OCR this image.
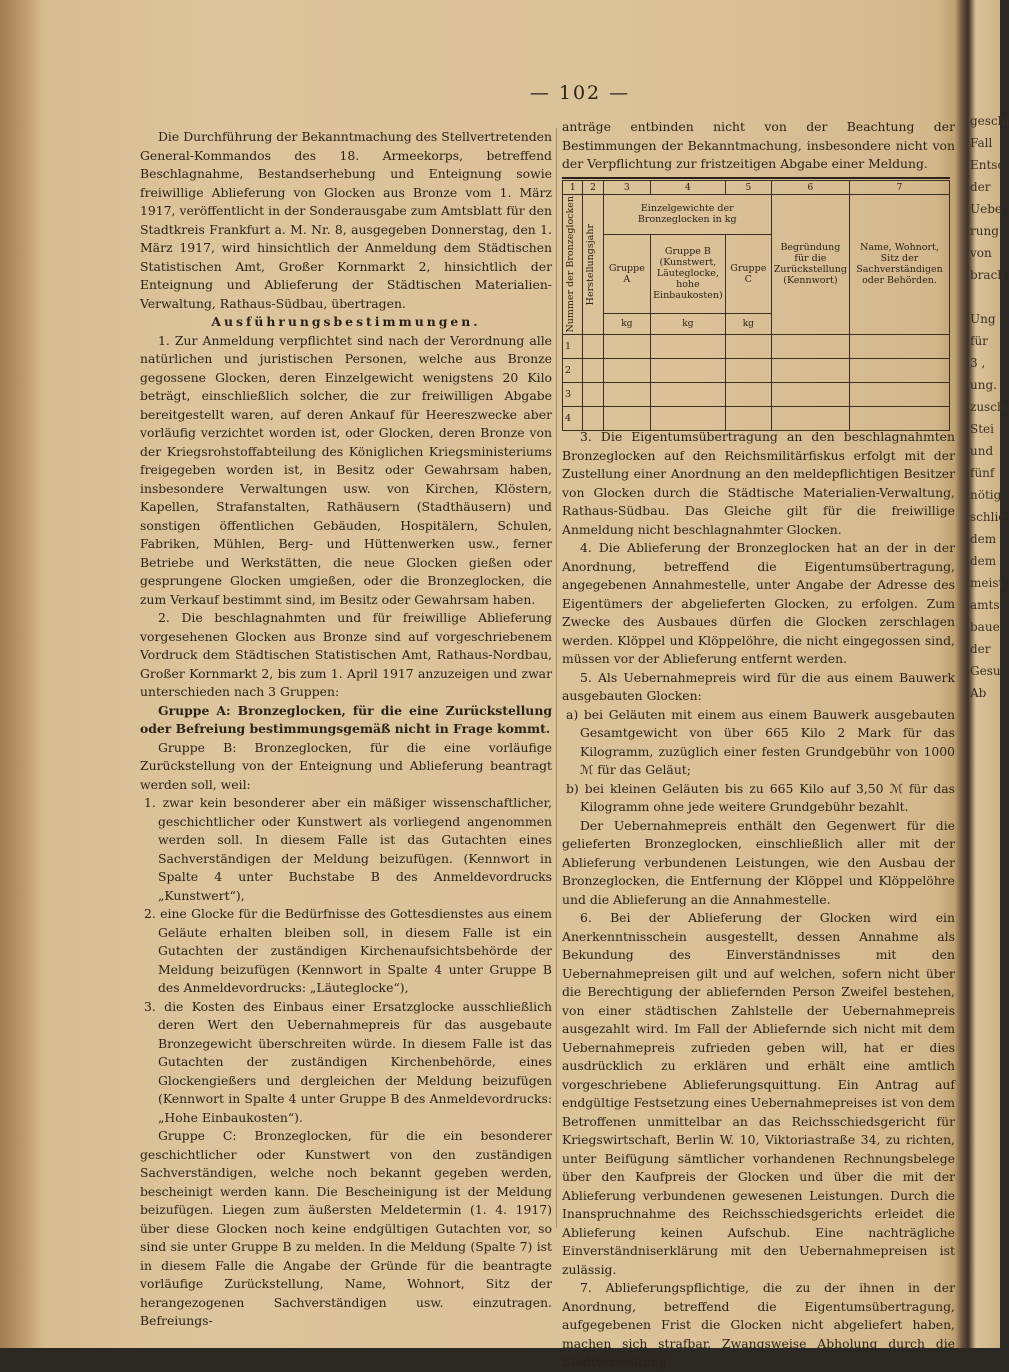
— 102 —

Die Durchführung der Bekanntmachung des Stellvertretenden General-Kommandos des 18. Armeekorps, betreffend Beschlagnahme, Bestandserhebung und Enteignung sowie freiwillige Ablieferung von Glocken aus Bronze vom 1. März 1917, veröffentlicht in der Sonderausgabe zum Amtsblatt für den Stadtkreis Frankfurt a. M. Nr. 8, ausgegeben Donnerstag, den 1. März 1917, wird hinsichtlich der Anmeldung dem Städtischen Statistischen Amt, Großer Kornmarkt 2, hinsichtlich der Enteignung und Ablieferung der Städtischen Materialien-Verwaltung, Rathaus-Südbau, übertragen.

Ausführungsbestimmungen.

1. Zur Anmeldung verpflichtet sind nach der Verordnung alle natürlichen und juristischen Personen, welche aus Bronze gegossene Glocken, deren Einzelgewicht wenigstens 20 Kilo beträgt, einschließlich solcher, die zur freiwilligen Abgabe bereitgestellt waren, auf deren Ankauf für Heereszwecke aber vorläufig verzichtet worden ist, oder Glocken, deren Bronze von der Kriegsrohstoffabteilung des Königlichen Kriegsministeriums freigegeben worden ist, in Besitz oder Gewahrsam haben, insbesondere Verwaltungen usw. von Kirchen, Klöstern, Kapellen, Strafanstalten, Rathäusern (Stadthäusern) und sonstigen öffentlichen Gebäuden, Hospitälern, Schulen, Fabriken, Mühlen, Berg- und Hüttenwerken usw., ferner Betriebe und Werkstätten, die neue Glocken gießen oder gesprungene Glocken umgießen, oder die Bronzeglocken, die zum Verkauf bestimmt sind, im Besitz oder Gewahrsam haben.

2. Die beschlagnahmten und für freiwillige Ablieferung vorgesehenen Glocken aus Bronze sind auf vorgeschriebenem Vordruck dem Städtischen Statistischen Amt, Rathaus-Nordbau, Großer Kornmarkt 2, bis zum 1. April 1917 anzuzeigen und zwar unterschieden nach 3 Gruppen:

Gruppe A: Bronzeglocken, für die eine Zurückstellung oder Befreiung bestimmungsgemäß nicht in Frage kommt.

Gruppe B: Bronzeglocken, für die eine vorläufige Zurückstellung von der Enteignung und Ablieferung beantragt werden soll, weil:

1. zwar kein besonderer aber ein mäßiger wissenschaftlicher, geschichtlicher oder Kunstwert als vorliegend angenommen werden soll. In diesem Falle ist das Gutachten eines Sachverständigen der Meldung beizufügen. (Kennwort in Spalte 4 unter Buchstabe B des Anmeldevordrucks „Kunstwert“),

2. eine Glocke für die Bedürfnisse des Gottesdienstes aus einem Geläute erhalten bleiben soll, in diesem Falle ist ein Gutachten der zuständigen Kirchenaufsichtsbehörde der Meldung beizufügen (Kennwort in Spalte 4 unter Gruppe B des Anmeldevordrucks: „Läuteglocke“),

3. die Kosten des Einbaus einer Ersatzglocke ausschließlich deren Wert den Uebernahmepreis für das ausgebaute Bronzegewicht überschreiten würde. In diesem Falle ist das Gutachten der zuständigen Kirchenbehörde, eines Glockengießers und dergleichen der Meldung beizufügen (Kennwort in Spalte 4 unter Gruppe B des Anmeldevordrucks: „Hohe Einbaukosten“).

Gruppe C: Bronzeglocken, für die ein besonderer geschichtlicher oder Kunstwert von den zuständigen Sachverständigen, welche noch bekannt gegeben werden, bescheinigt werden kann. Die Bescheinigung ist der Meldung beizufügen. Liegen zum äußersten Meldetermin (1. 4. 1917) über diese Glocken noch keine endgültigen Gutachten vor, so sind sie unter Gruppe B zu melden. In die Meldung (Spalte 7) ist in diesem Falle die Angabe der Gründe für die beantragte vorläufige Zurückstellung, Name, Wohnort, Sitz der herangezogenen Sachverständigen usw. einzutragen. Befreiungs-

anträge entbinden nicht von der Beachtung der Bestimmungen der Bekanntmachung, insbesondere nicht von der Verpflichtung zur fristzeitigen Abgabe einer Meldung.

1	2	3	4	5	6	7

Nummer der Bronzeglocken	Herstellungsjahr	Einzelgewichte der Bronzeglocken in kg			Begründung für die Zurückstellung (Kennwort)	Name, Wohnort, Sitz der Sachverständigen oder Behörden.
		Gruppe A	Gruppe B (Kunstwert, Läuteglocke, hohe Einbaukosten)	Gruppe C		
		kg	kg	kg		
1						
2						
3						
4						

3. Die Eigentumsübertragung an den beschlagnahmten Bronzeglocken auf den Reichsmilitärfiskus erfolgt mit der Zustellung einer Anordnung an den meldepflichtigen Besitzer von Glocken durch die Städtische Materialien-Verwaltung, Rathaus-Südbau. Das Gleiche gilt für die freiwillige Anmeldung nicht beschlagnahmter Glocken.

4. Die Ablieferung der Bronzeglocken hat an der in der Anordnung, betreffend die Eigentumsübertragung, angegebenen Annahmestelle, unter Angabe der Adresse des Eigentümers der abgelieferten Glocken, zu erfolgen. Zum Zwecke des Ausbaues dürfen die Glocken zerschlagen werden. Klöppel und Klöppelöhre, die nicht eingegossen sind, müssen vor der Ablieferung entfernt werden.

5. Als Uebernahmepreis wird für die aus einem Bauwerk ausgebauten Glocken:

a) bei Geläuten mit einem aus einem Bauwerk ausgebauten Gesamtgewicht von über 665 Kilo 2 Mark für das Kilogramm, zuzüglich einer festen Grundgebühr von 1000 ℳ für das Geläut;

b) bei kleinen Geläuten bis zu 665 Kilo auf 3,50 ℳ für das Kilogramm ohne jede weitere Grundgebühr bezahlt.

Der Uebernahmepreis enthält den Gegenwert für die gelieferten Bronzeglocken, einschließlich aller mit der Ablieferung verbundenen Leistungen, wie den Ausbau der Bronzeglocken, die Entfernung der Klöppel und Klöppelöhre und die Ablieferung an die Annahmestelle.

6. Bei der Ablieferung der Glocken wird ein Anerkenntnisschein ausgestellt, dessen Annahme als Bekundung des Einverständnisses mit den Uebernahmepreisen gilt und auf welchen, sofern nicht über die Berechtigung der abliefernden Person Zweifel bestehen, von einer städtischen Zahlstelle der Uebernahmepreis ausgezahlt wird. Im Fall der Abliefernde sich nicht mit dem Uebernahmepreis zufrieden geben will, hat er dies ausdrücklich zu erklären und erhält eine amtlich vorgeschriebene Ablieferungsquittung. Ein Antrag auf endgültige Festsetzung eines Uebernahmepreises ist von dem Betroffenen unmittelbar an das Reichsschiedsgericht für Kriegswirtschaft, Berlin W. 10, Viktoriastraße 34, zu richten, unter Beifügung sämtlicher vorhandenen Rechnungsbelege über den Kaufpreis der Glocken und über die mit der Ablieferung verbundenen gewesenen Leistungen. Durch die Inanspruchnahme des Reichsschiedsgerichts erleidet die Ablieferung keinen Aufschub. Eine nachträgliche Einverständniserklärung mit den Uebernahmepreisen ist zulässig.

7. Ablieferungspflichtige, die zu der ihnen in der Anordnung, betreffend die Eigentumsübertragung, aufgegebenen Frist die Glocken nicht abgeliefert haben, machen sich strafbar. Zwangsweise Abholung durch die Stadtverwaltung

geschi
Fall
Entsc
der
Uebe
rung
von
brach

Ung
für
3 ,
ung.
zusch
Stei
und
fünf
nötig
schlie
dem
dem
meist
amts
baue
der
Gesu
Ab
